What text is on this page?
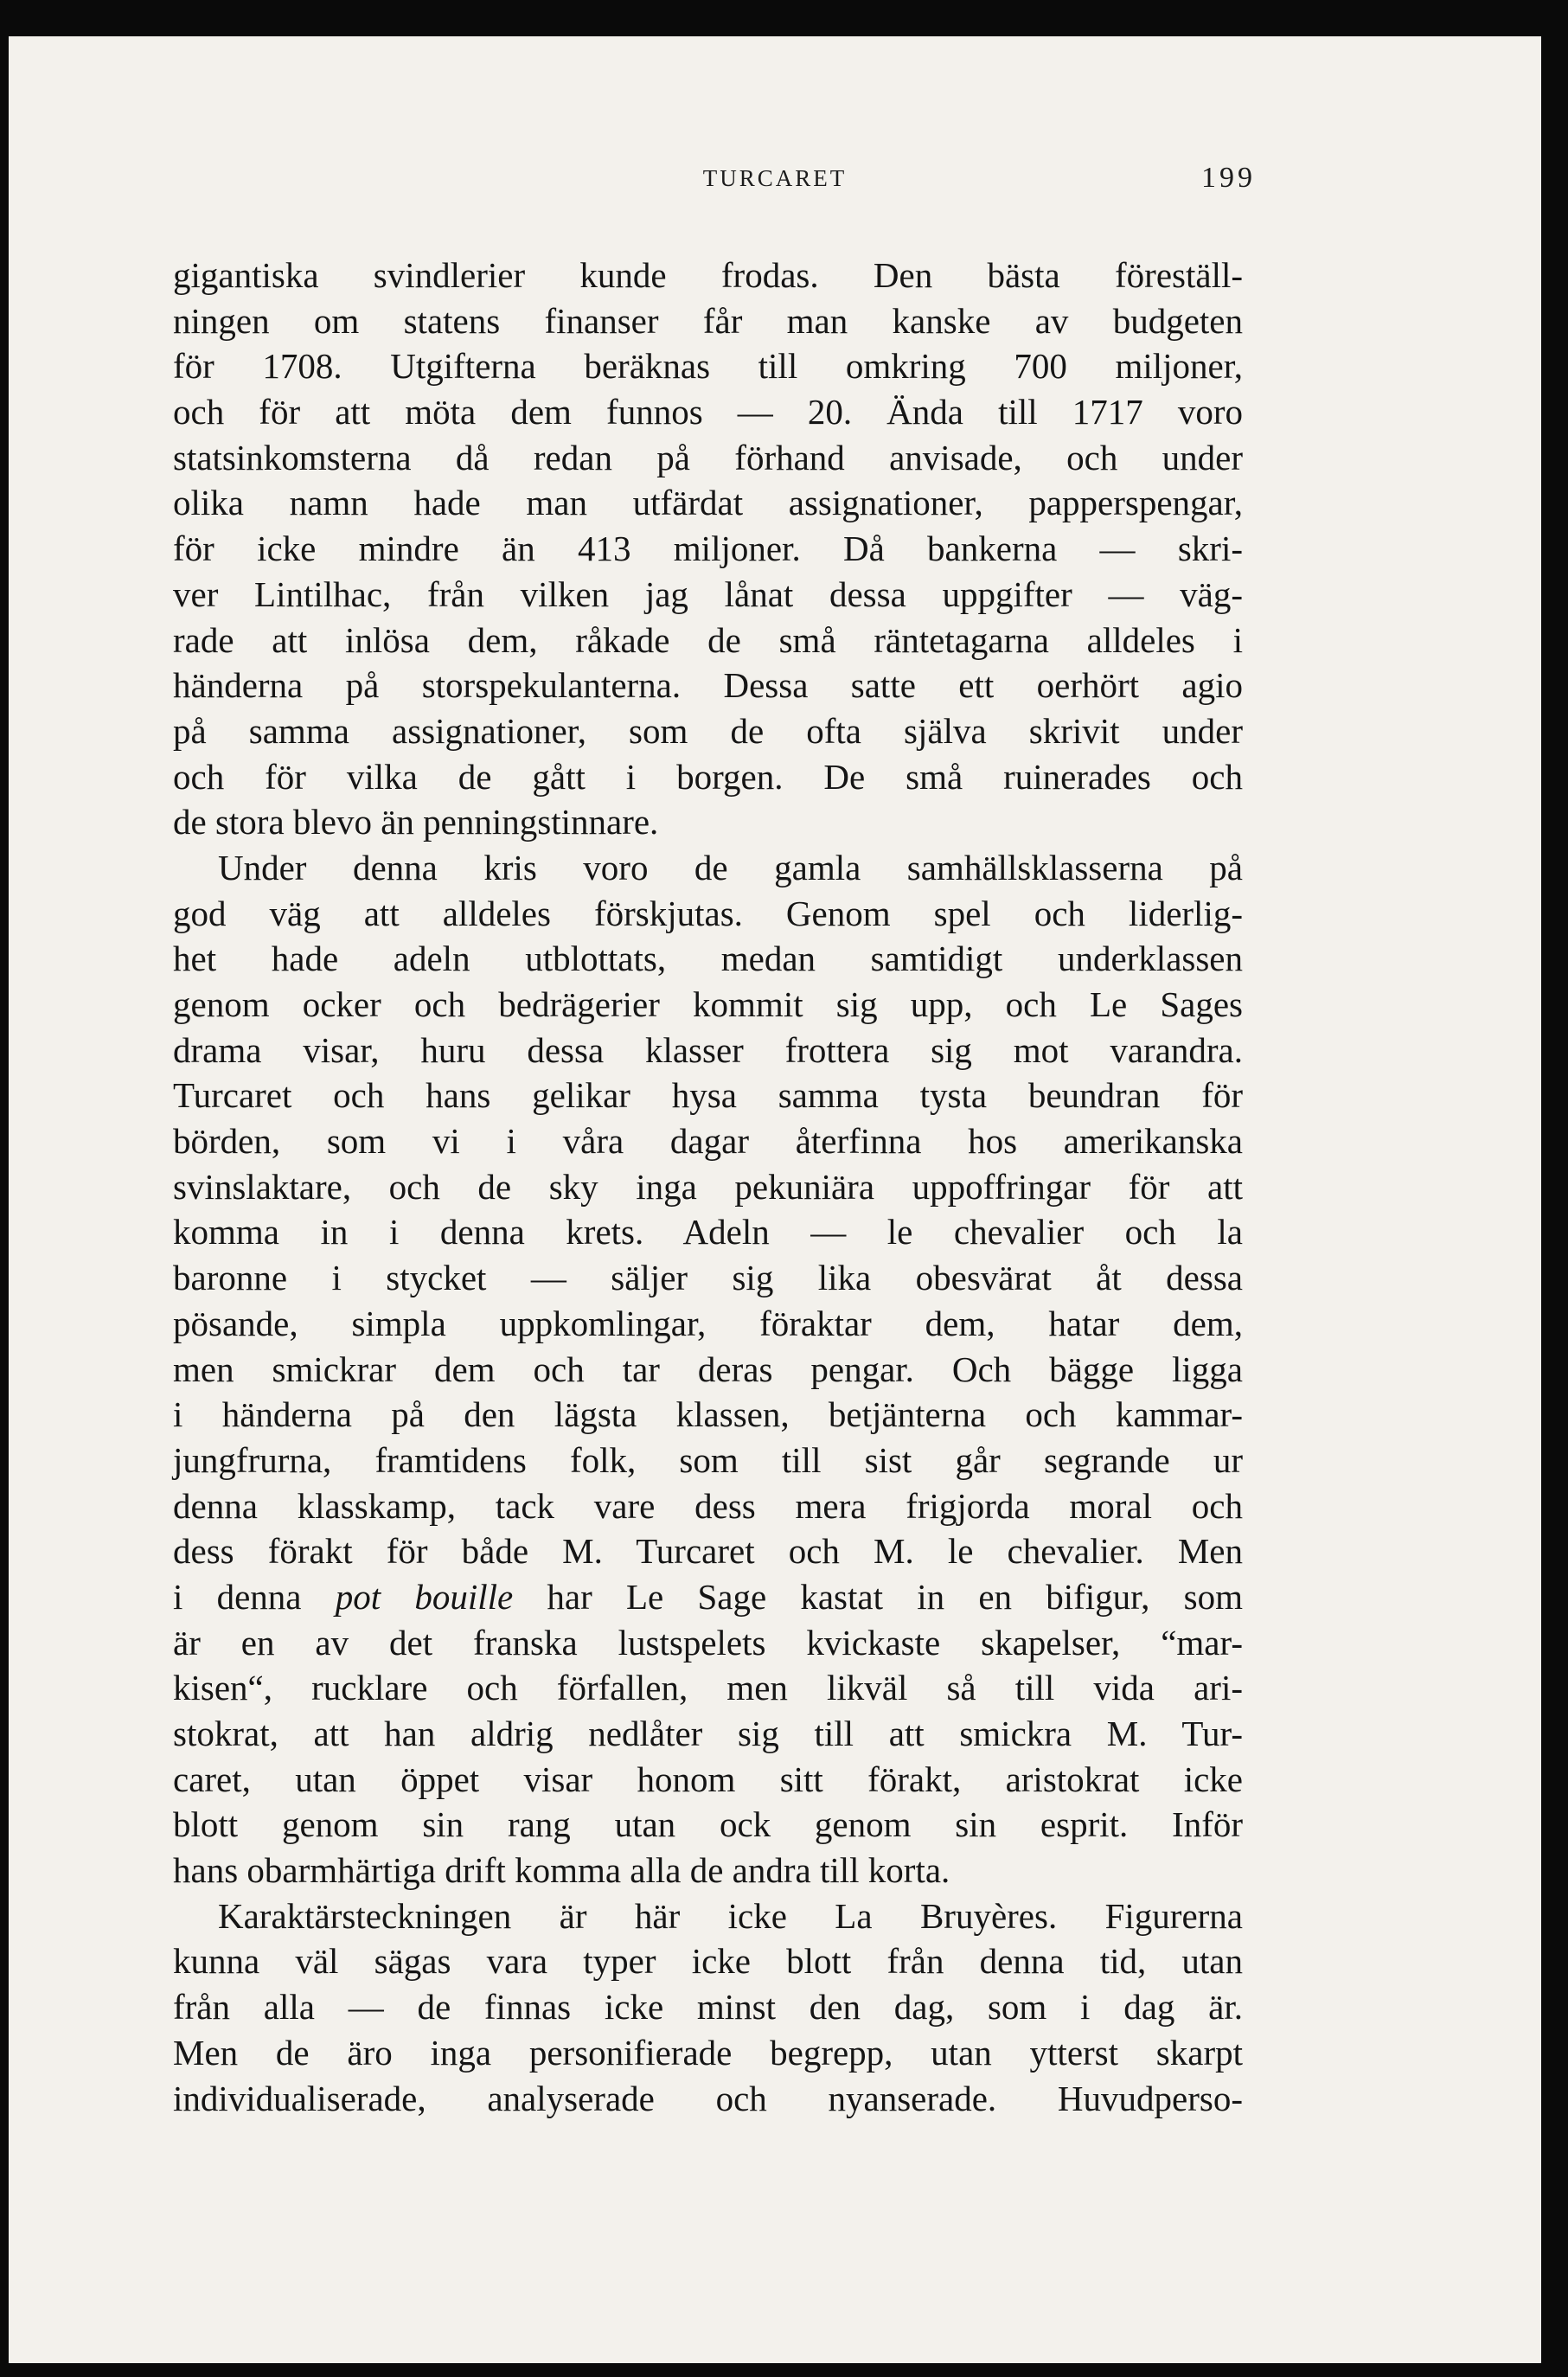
TURCARET	199

gigantiska svindlerier kunde frodas. Den bästa föreställ-
ningen om statens finanser får man kanske av budgeten
för 1708. Utgifterna beräknas till omkring 700 miljoner,
och för att möta dem funnos — 20. Ända till 1717 voro
statsinkomsterna då redan på förhand anvisade, och under
olika namn hade man utfärdat assignationer, papperspengar,
för icke mindre än 413 miljoner. Då bankerna — skri-
ver Lintilhac, från vilken jag lånat dessa uppgifter — väg-
rade att inlösa dem, råkade de små räntetagarna alldeles i
händerna på storspekulanterna. Dessa satte ett oerhört agio
på samma assignationer, som de ofta själva skrivit under
och för vilka de gått i borgen. De små ruinerades och
de stora blevo än penningstinnare.

Under denna kris voro de gamla samhällsklasserna på
god väg att alldeles förskjutas. Genom spel och liderlig-
het hade adeln utblottats, medan samtidigt underklassen
genom ocker och bedrägerier kommit sig upp, och Le Sages
drama visar, huru dessa klasser frottera sig mot varandra.
Turcaret och hans gelikar hysa samma tysta beundran för
börden, som vi i våra dagar återfinna hos amerikanska
svinslaktare, och de sky inga pekuniära uppoffringar för att
komma in i denna krets. Adeln — le chevalier och la
baronne i stycket — säljer sig lika obesvärat åt dessa
pösande, simpla uppkomlingar, föraktar dem, hatar dem,
men smickrar dem och tar deras pengar. Och bägge ligga
i händerna på den lägsta klassen, betjänterna och kammar-
jungfrurna, framtidens folk, som till sist går segrande ur
denna klasskamp, tack vare dess mera frigjorda moral och
dess förakt för både M. Turcaret och M. le chevalier. Men
i denna pot bouille har Le Sage kastat in en bifigur, som
är en av det franska lustspelets kvickaste skapelser, “mar-
kisen“, rucklare och förfallen, men likväl så till vida ari-
stokrat, att han aldrig nedlåter sig till att smickra M. Tur-
caret, utan öppet visar honom sitt förakt, aristokrat icke
blott genom sin rang utan ock genom sin esprit. Inför
hans obarmhärtiga drift komma alla de andra till korta.

Karaktärsteckningen är här icke La Bruyères. Figurerna
kunna väl sägas vara typer icke blott från denna tid, utan
från alla — de finnas icke minst den dag, som i dag är.
Men de äro inga personifierade begrepp, utan ytterst skarpt
individualiserade, analyserade och nyanserade. Huvudperso-
